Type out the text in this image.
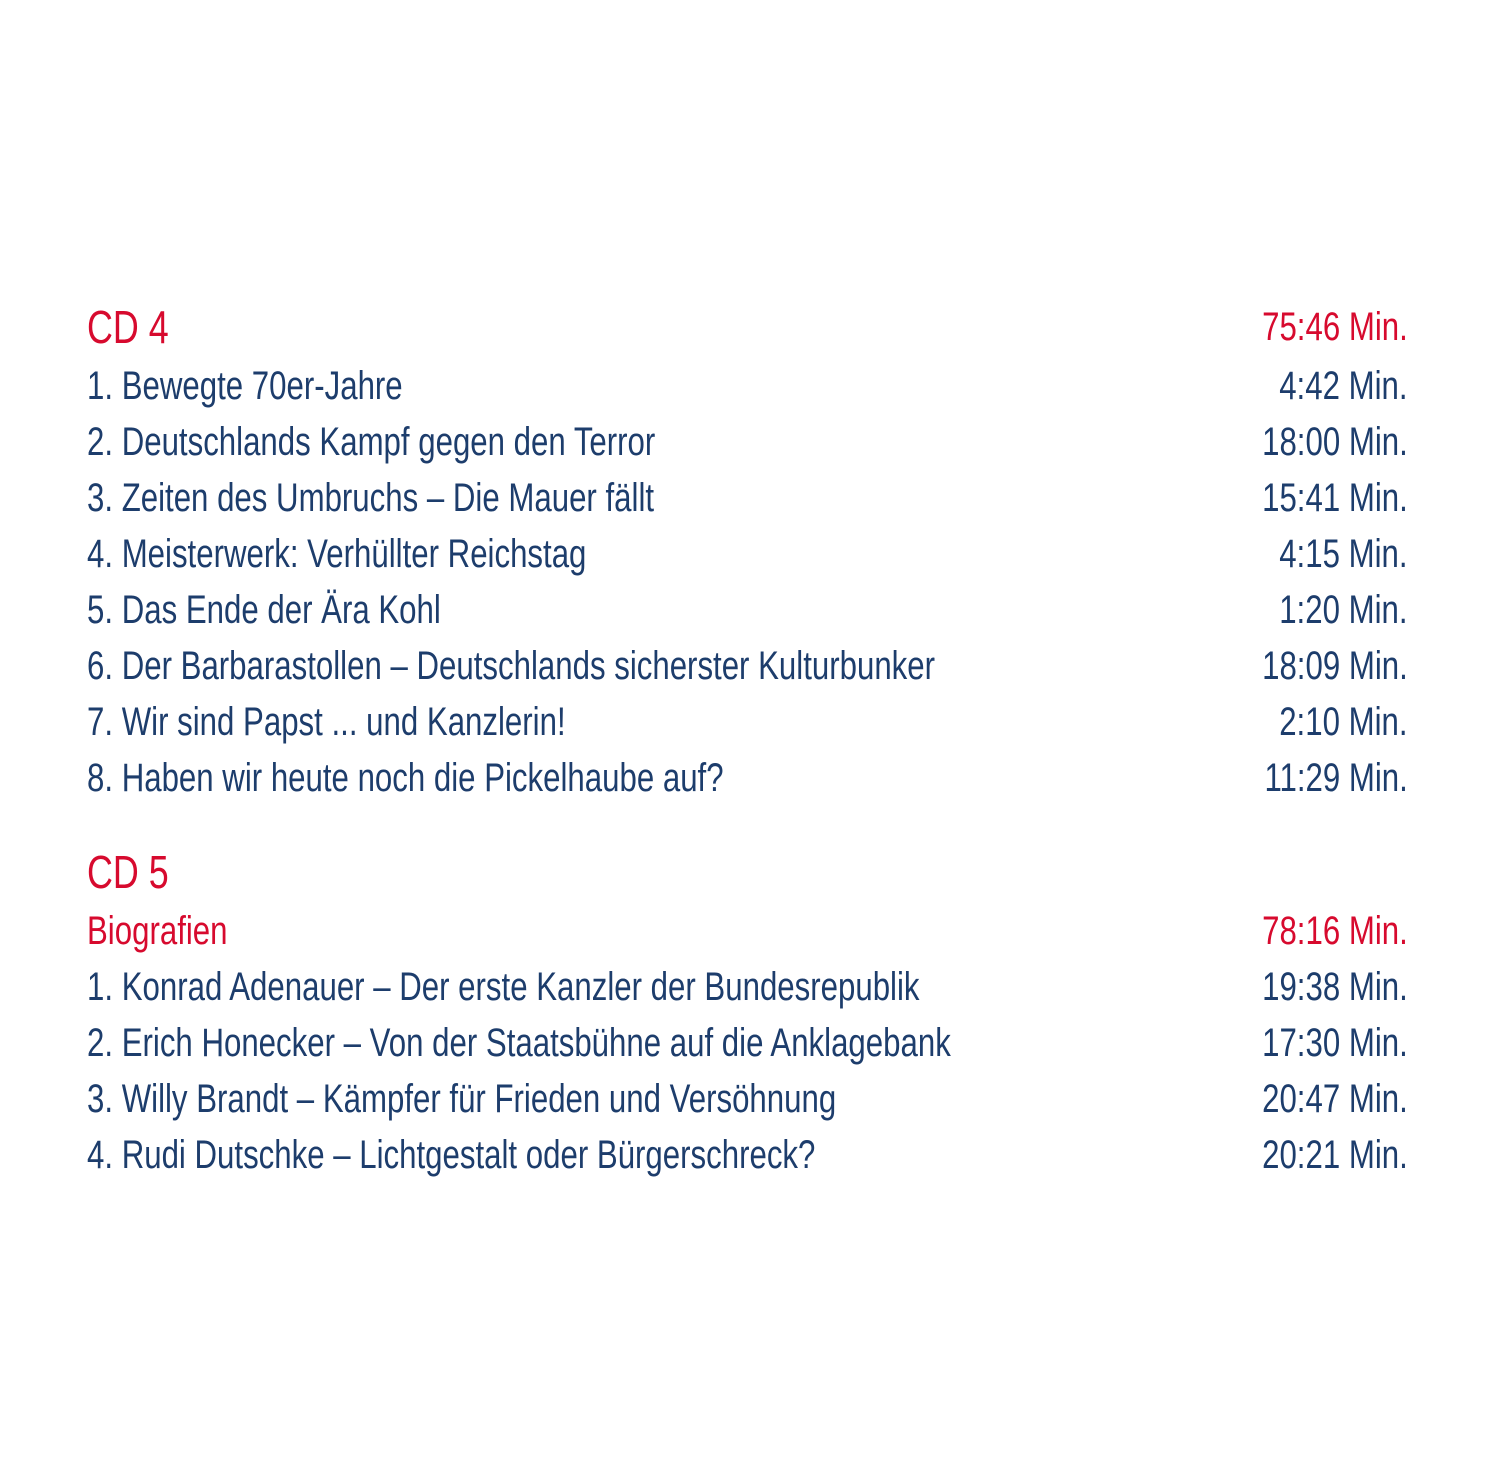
CD 4	75:46 Min.
1. Bewegte 70er-Jahre	4:42 Min.
2. Deutschlands Kampf gegen den Terror	18:00 Min.
3. Zeiten des Umbruchs – Die Mauer fällt	15:41 Min.
4. Meisterwerk: Verhüllter Reichstag	4:15 Min.
5. Das Ende der Ära Kohl	1:20 Min.
6. Der Barbarastollen – Deutschlands sicherster Kulturbunker	18:09 Min.
7. Wir sind Papst ... und Kanzlerin!	2:10 Min.
8. Haben wir heute noch die Pickelhaube auf?	11:29 Min.
CD 5
Biografien	78:16 Min.
1. Konrad Adenauer – Der erste Kanzler der Bundesrepublik	19:38 Min.
2. Erich Honecker – Von der Staatsbühne auf die Anklagebank	17:30 Min.
3. Willy Brandt – Kämpfer für Frieden und Versöhnung	20:47 Min.
4. Rudi Dutschke – Lichtgestalt oder Bürgerschreck?	20:21 Min.
